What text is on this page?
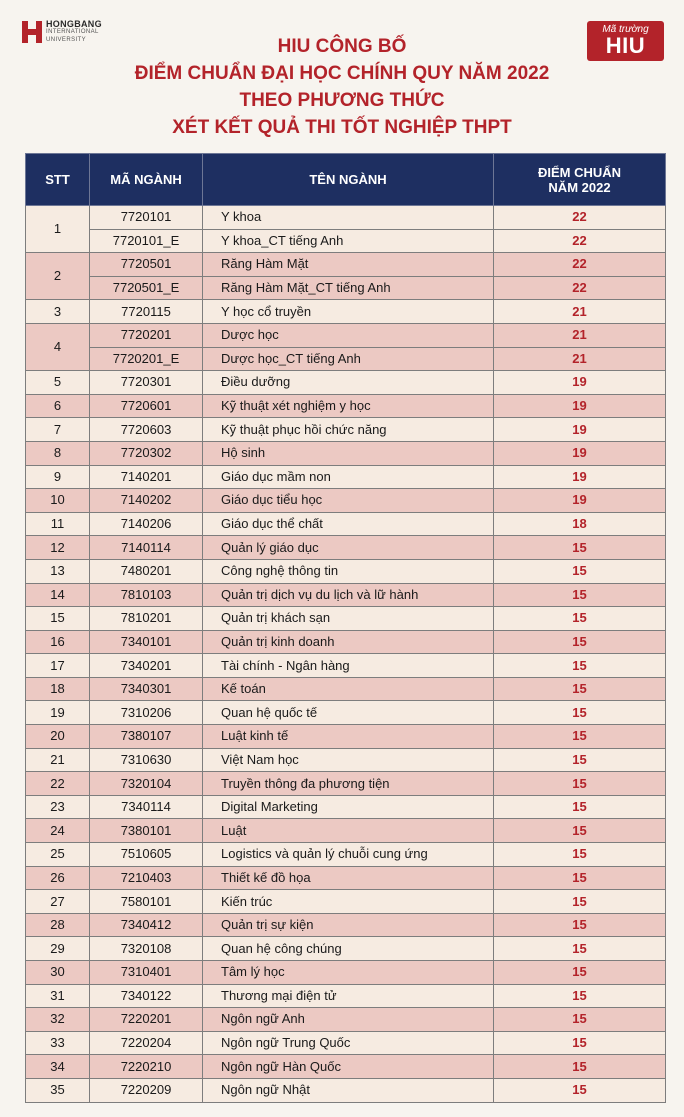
HONGBANG
INTERNATIONAL
UNIVERSITY
Mã trường
HIU
HIU CÔNG BỐ
ĐIỂM CHUẨN ĐẠI HỌC CHÍNH QUY NĂM 2022
THEO PHƯƠNG THỨC
XÉT KẾT QUẢ THI TỐT NGHIỆP THPT
STT	MÃ NGÀNH	TÊN NGÀNH	ĐIỂM CHUẨN
NĂM 2022

1	7720101	Y khoa	22
	7720101_E	Y khoa_CT tiếng Anh	22
2	7720501	Răng Hàm Mặt	22
	7720501_E	Răng Hàm Mặt_CT tiếng Anh	22
3	7720115	Y học cổ truyền	21
4	7720201	Dược học	21
	7720201_E	Dược học_CT tiếng Anh	21
5	7720301	Điều dưỡng	19
6	7720601	Kỹ thuật xét nghiệm y học	19
7	7720603	Kỹ thuật phục hồi chức năng	19
8	7720302	Hộ sinh	19
9	7140201	Giáo dục mầm non	19
10	7140202	Giáo dục tiểu học	19
11	7140206	Giáo dục thể chất	18
12	7140114	Quản lý giáo dục	15
13	7480201	Công nghệ thông tin	15
14	7810103	Quản trị dịch vụ du lịch và lữ hành	15
15	7810201	Quản trị khách sạn	15
16	7340101	Quản trị kinh doanh	15
17	7340201	Tài chính - Ngân hàng	15
18	7340301	Kế toán	15
19	7310206	Quan hệ quốc tế	15
20	7380107	Luật kinh tế	15
21	7310630	Việt Nam học	15
22	7320104	Truyền thông đa phương tiện	15
23	7340114	Digital Marketing	15
24	7380101	Luật	15
25	7510605	Logistics và quản lý chuỗi cung ứng	15
26	7210403	Thiết kế đồ họa	15
27	7580101	Kiến trúc	15
28	7340412	Quản trị sự kiện	15
29	7320108	Quan hệ công chúng	15
30	7310401	Tâm lý học	15
31	7340122	Thương mại điện tử	15
32	7220201	Ngôn ngữ Anh	15
33	7220204	Ngôn ngữ Trung Quốc	15
34	7220210	Ngôn ngữ Hàn Quốc	15
35	7220209	Ngôn ngữ Nhật	15
